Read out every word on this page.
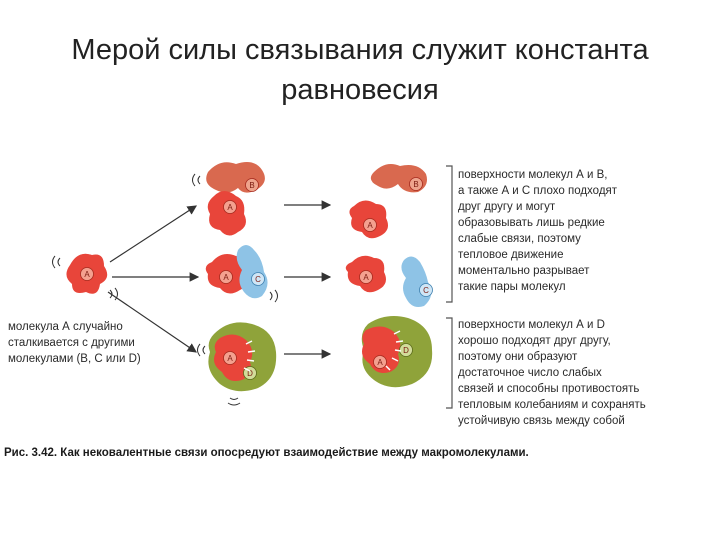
Мерой силы связывания служит константа
равновесия
A
B
A
B
A
A	C	A
C
A
D
A
D
молекула А случайно сталкивается с другими молекулами (В, С или D)
поверхности молекул А и В, а также А и С плохо подходят друг другу и могут образовывать лишь редкие слабые связи, поэтому тепловое движение моментально разрывает такие пары молекул
поверхности молекул А и D хорошо подходят друг другу, поэтому они образуют достаточное число слабых связей и способны противостоять тепловым колебаниям и сохранять устойчивую связь между собой
Рис. 3.42. Как нековалентные связи опосредуют взаимодействие между макромолекулами.
